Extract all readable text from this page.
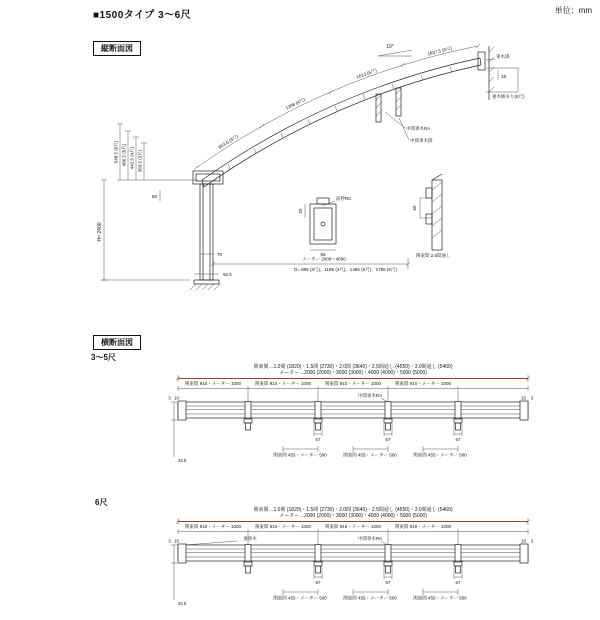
■1500タイプ 3〜6尺	単位：mm
縦断面図
803.6 (3尺)
1208 (4尺)
1613 (5尺)
1837.5 (6尺)
10°
548.5 (6尺) 486.5 (5尺) 442.5 (4尺) 383.5 (3尺)
H= 2400
60
70
92.5
25
65
65
18
メーター 2000〜4000
D= 885 (3尺)、1185 (4尺)、1485 (5尺)、1785 (6尺)
関東間 2.5間通し
前枠RC
中間垂木RA
中間垂木掛
垂木掛
妻木納まり(6尺)
横断面図
3〜5尺
関東間…1.0間 (1820)・1.5間 (2730)・2.0間 (3640)・2.5間通し (4550)・3.0間通し (5460)
メーター…2000 (2000)・3000 (3000)・4000 (4000)・5000 (5000)
関東間 910・メーター 1000	関東間 910・メーター 1000	関東間 910・メーター 1000	関東間 910・メーター 1000
中間垂木RA
67	67	67
関東間 455・メーター 500	関東間 455・メーター 500	関東間 455・メーター 500
43.5
3 10	10 3
6尺
関東間…1.0間 (1820)・1.5間 (2730)・2.0間 (3640)・2.5間通し (4550)・3.0間通し (5460)
メーター…2000 (2000)・3000 (3000)・4000 (4000)・5000 (5000)
関東間 910・メーター 1000	関東間 910・メーター 1000	関東間 910・メーター 1000	関東間 910・メーター 1000
妻垂木	中間垂木RA
67	67	67
関東間 455・メーター 500	関東間 455・メーター 500	関東間 455・メーター 500
43.5
3 10	10 3
